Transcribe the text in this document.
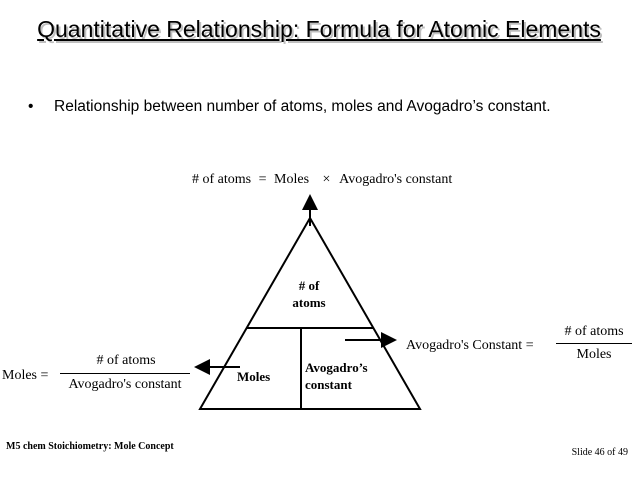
Quantitative Relationship: Formula for Atomic Elements
• Relationship between number of atoms, moles and Avogadro’s constant.
# of atoms = Moles × Avogadro's constant
# of atoms
Moles
Avogadro’s constant
Moles =
# of atoms
Avogadro's constant
Avogadro's Constant =
# of atoms
Moles
M5 chem Stoichiometry: Mole Concept
Slide 46 of 49
